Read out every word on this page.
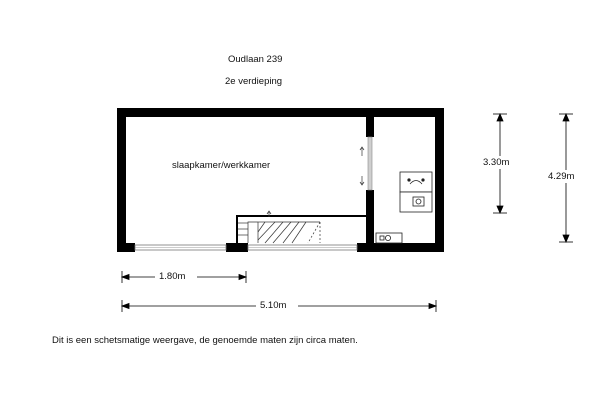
Oudlaan 239
2e verdieping
slaapkamer/werkkamer	3.30m
4.29m
1.80m
5.10m
Dit is een schetsmatige weergave, de genoemde maten zijn circa maten.
